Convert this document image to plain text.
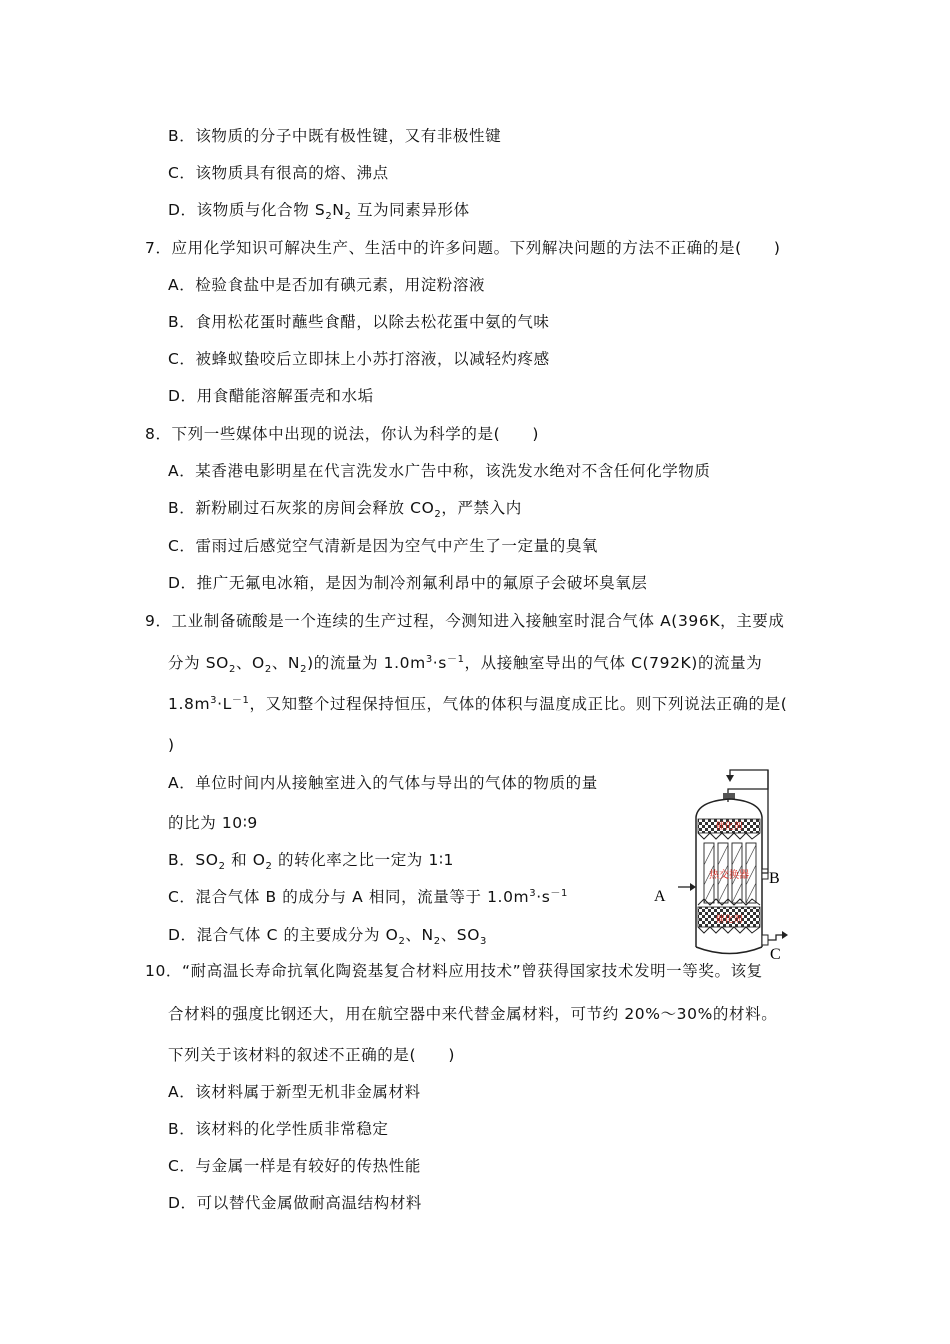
B．该物质的分子中既有极性键，又有非极性键
C．该物质具有很高的熔、沸点
D．该物质与化合物 $S_2N_2$ 互为同素异形体
7．应用化学知识可解决生产、生活中的许多问题。下列解决问题的方法不正确的是(　　)
A．检验食盐中是否加有碘元素，用淀粉溶液
B．食用松花蛋时蘸些食醋，以除去松花蛋中氨的气味
C．被蜂蚁蛰咬后立即抹上小苏打溶液，以减轻灼疼感
D．用食醋能溶解蛋壳和水垢
8．下列一些媒体中出现的说法，你认为科学的是(　　)
A．某香港电影明星在代言洗发水广告中称，该洗发水绝对不含任何化学物质
B．新粉刷过石灰浆的房间会释放 $CO_2$，严禁入内
C．雷雨过后感觉空气清新是因为空气中产生了一定量的臭氧
D．推广无氟电冰箱，是因为制冷剂氟利昂中的氟原子会破坏臭氧层
9．工业制备硫酸是一个连续的生产过程，今测知进入接触室时混合气体 A(396K，主要成
分为 $SO_2$、$O_2$、$N_2$)的流量为 $1.0m^3\cdot s^{-1}$，从接触室导出的气体 C(792K)的流量为
$1.8m^3\cdot L^{-1}$，又知整个过程保持恒压，气体的体积与温度成正比。则下列说法正确的是(
)
A．单位时间内从接触室进入的气体与导出的气体的物质的量
的比为 10∶9
B．$SO_2$ 和 $O_2$ 的转化率之比一定为 1∶1
C．混合气体 B 的成分与 A 相同，流量等于 $1.0m^3\cdot s^{-1}$
D．混合气体 C 的主要成分为 $O_2$、$N_2$、$SO_3$
催化剂
热交换器 B
A
催化剂
C
10．“耐高温长寿命抗氧化陶瓷基复合材料应用技术”曾获得国家技术发明一等奖。该复
合材料的强度比钢还大，用在航空器中来代替金属材料，可节约 20%～30%的材料。
下列关于该材料的叙述不正确的是(　　)
A．该材料属于新型无机非金属材料
B．该材料的化学性质非常稳定
C．与金属一样是有较好的传热性能
D．可以替代金属做耐高温结构材料
